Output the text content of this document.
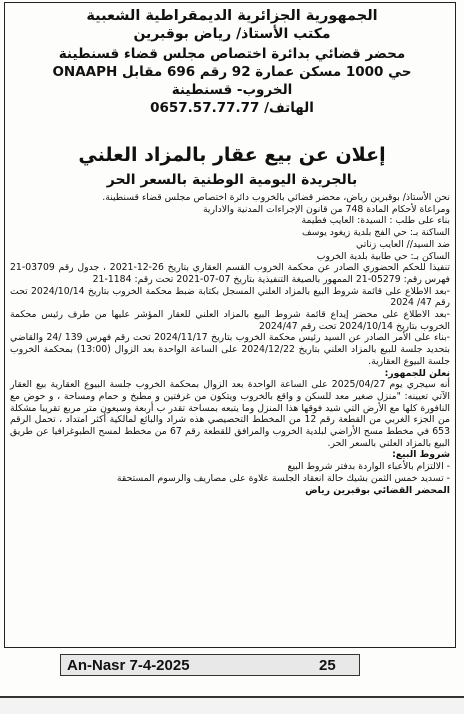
الجمهورية الجزائرية الديمقراطية الشعبية
مكتب الأستاذ/ رياض بوقبرين
محضر قضائي بدائرة اختصاص مجلس قضاء قسنطينة
حي 1000 مسكن عمارة 92 رقم 696 مقابل ONAAPH
الخروب- قسنطينة
الهاتف/ 0657.57.77.77
إعلان عن بيع عقار بالمزاد العلني
بالجريدة اليومية الوطنية بالسعر الحر

نحن الأستاذ/ بوقبرين رياض، محضر قضائي بالخروب دائرة اختصاص مجلس قضاء قسنطينة.

ومراعاة لأحكام المادة 748 من قانون الإجراءات المدنية والادارية

بناء على طلب : السيدة: العايب فطيمة

الساكنة بـ: حي الفج بلدية زيغود يوسف

ضد السيد// العايب زناتي

الساكن بـ: حي طابية بلدية الخروب

تنفيذا للحكم الحضوري الصادر عن محكمة الخروب القسم العقاري بتاريخ 26-12-2021 ، جدول رقم 03709-21 فهرس رقم: 05279-21 الممهور بالصيغة التنفيذية بتاريخ 07-07-2021 تحت رقم: 1184-21

-بعد الاطلاع على قائمة شروط البيع بالمزاد العلني المسجل بكتابة ضبط محكمة الخروب بتاريخ 2024/10/14 تحت رقم 47/ 2024

-بعد الاطلاع على محضر إيداع قائمة شروط البيع بالمزاد العلني للعقار المؤشر عليها من طرف رئيس محكمة الخروب بتاريخ 2024/10/14 تحت رقم 2024/47

-بناء على الأمر الصادر عن السيد رئيس محكمة الخروب بتاريخ 2024/11/17 تحت رقم فهرس 139 /24 والقاضي بتحديد جلسة للبيع بالمزاد العلني بتاريخ 2024/12/22 على الساعة الواحدة بعد الزوال (13:00) بمحكمة الخروب جلسة البيوع العقارية.

نعلن للجمهور:

أنه سيجري يوم 2025/04/27 على الساعة الواحدة بعد الزوال بمحكمة الخروب جلسة البيوع العقارية بيع العقار الآتي تعيينه: "منزل صغير معد للسكن و واقع بالخروب ويتكون من غرفتين و مطبخ و حمام ومساحة ، و حوض مع النافورة كلها مع الأرض التي شيد فوقها هذا المنزل وما يتبعه بمساحة تقدر ب أربعة وسبعون متر مربع تقريبا مشكلة من الجزء الغربي من القطعة رقم 12 من المخطط التحصيصي هذه شراد والبائع لمالكية أكثر امتداد ، تحمل الرقم 653 في مخطط مسح الأراضي لبلدية الخروب والمرافق للقطعة رقم 67 من مخطط لمسح الطبوغرافيا عن طريق البيع بالمزاد العلني بالسعر الحر.

شروط البيع:

- الالتزام بالأعباء الواردة بدفتر شروط البيع

- تسديد خمس الثمن بشيك حالة انعقاد الجلسة علاوة على مصاريف والرسوم المستحقة

المحضر القضائي بوقبرين رياض

An-Nasr 7-4-2025	25
